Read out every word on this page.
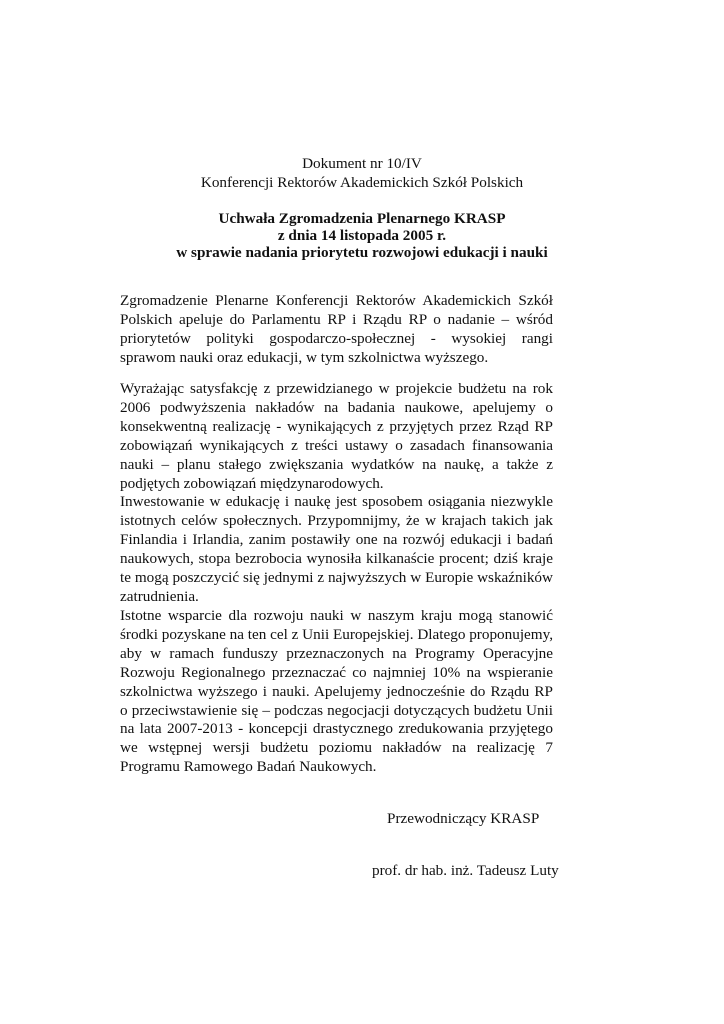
Dokument nr 10/IV
Konferencji Rektorów Akademickich Szkół Polskich
Uchwała Zgromadzenia Plenarnego KRASP
z dnia 14 listopada 2005 r.
w sprawie nadania priorytetu rozwojowi edukacji i nauki

Zgromadzenie Plenarne Konferencji Rektorów Akademickich Szkół Polskich apeluje do Parlamentu RP i Rządu RP o nadanie – wśród priorytetów polityki gospodarczo-społecznej - wysokiej rangi sprawom nauki oraz edukacji, w tym szkolnictwa wyższego.

Wyrażając satysfakcję z przewidzianego w projekcie budżetu na rok 2006 podwyższenia nakładów na badania naukowe, apelujemy o konsekwentną realizację - wynikających z przyjętych przez Rząd RP zobowiązań wynikających z treści ustawy o zasadach finansowania nauki – planu stałego zwiększania wydatków na naukę, a także z podjętych zobowiązań międzynarodowych.

Inwestowanie w edukację i naukę jest sposobem osiągania niezwykle istotnych celów społecznych. Przypomnijmy, że w krajach takich jak Finlandia i Irlandia, zanim postawiły one na rozwój edukacji i badań naukowych, stopa bezrobocia wynosiła kilkanaście procent; dziś kraje te mogą poszczycić się jednymi z najwyższych w Europie wskaźników zatrudnienia.

Istotne wsparcie dla rozwoju nauki w naszym kraju mogą stanowić środki pozyskane na ten cel z Unii Europejskiej. Dlatego proponujemy, aby w ramach funduszy przeznaczonych na Programy Operacyjne Rozwoju Regionalnego przeznaczać co najmniej 10% na wspieranie szkolnictwa wyższego i nauki. Apelujemy jednocześnie do Rządu RP o przeciwstawienie się – podczas negocjacji dotyczących budżetu Unii na lata 2007-2013 - koncepcji drastycznego zredukowania przyjętego we wstępnej wersji budżetu poziomu nakładów na realizację 7 Programu Ramowego Badań Naukowych.

Przewodniczący KRASP
prof. dr hab. inż. Tadeusz Luty
